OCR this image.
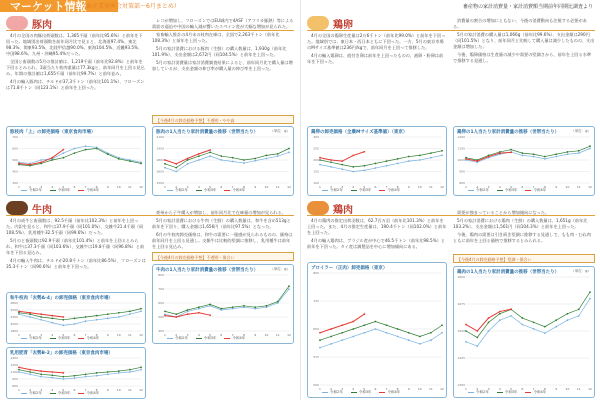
マーケット情報
（畜産業振興会対策部〜6月まとめ）
豚肉

4月の全国の肉豚出荷頭数は、1,365千頭（前年比95.6%）と前年を下回った。地域別出荷頭数を前年同月比で見ると、北海道97.4%、東北98.3%、関東93.5%、北陸甲信越90.0%、東海104.5%、近畿93.5%、中国98.6%、九州・沖縄95.4%だった。

全国と畜頭数の5月の推計値は、1,219千頭（前年比92.8%）と前年を下回るとみられ、1頭当たり枝肉重量は77.3kgと、前年同月を上回る見込み。年間の推計値は1,655千頭（前年比99.7%）と前年並み。

4月の輸入豚肉は、チルドが37,3千トン（前年比101.1%）、フローズンは71.8千トン（同123.1%）と前年を上回った。

レコが増加し、フローズンではEU域内で4ASF（アフリカ豚熱）等による需給の逼迫や中国の輸入減が響いたスペイン産が大幅な増加が見られた。

家畜輸入推計の4月末の枝肉在庫は、全国で2,263千トン（前年比108.3%）と前年を上回った。

5月の家計消費における豚肉（生鮮）の購入数量は、1,930g（前年比101.9%）、支出金額は2,672円（同104.5%）と前年を上回った。

5月の家計消費量は家計消費調査結果によると、前年同月比で購入量は増加しているが、支出金額の伸び率が購入量の伸び率を上回った。

【今後4月の卸売価格予想】不透明・やや高
豚枝肉「上」の卸売価格（東京食肉市場）
300
400
500
600
700
1	2	3	4	5	6	7	8	9	10 11 12
令和2年	令和3年	令和4年
豚肉の1人当たり家計消費量の推移（世帯当たり）	（単位：g）
1500
1650
1800
1950
2100
1	2	3	4	5	6	7	8	9	10 11 12
令和2年	令和3年	令和4年
牛肉

4月の成牛と畜頭数は、92.5千頭（前年比102.3%）と前年を上回った。内訳を見ると、和牛は37.9千頭（同101.0%）、交雑牛21.4千頭（同108.5%）、乳用種牛32.5千頭（同99.6%）だった。

5月のと畜頭数は92.9千頭（前年比101.4%）と前年を上回るとみられ、和牛は37.3千頭（同103.6%）、交雑牛は19.8千頭（同96.8%）と前年を下回る見込み。

4月の輸入牛肉は、チルドが20.8千トン（前年比86.5%）、フローズンは35.3千トン（同90.6%）と前年を下回った。

豪州から子牛購入が増加し、前年同月比で在庫量の増加が見られる。

5月の家計消費における牛肉（生鮮）の購入数量は、和牛を含め513gと前年を下回り、購入金額は1,656円（前年比97.5%）となった。

6月の牛枝肉卸売価格は、和牛の需要に一服感が見られるものの、価格は前年同月を上回る見通し。交雑牛は比較的堅調に推移し、乳用種牛は前年を上回る見込み。

【今後4月の卸売価格予想】不透明・保合い
和牛枝肉「去勢A-4」の卸売価格（東京食肉市場）
1800
2050
2300
2550
2800
1	2	3	4	5	6	7	8	9	10 11 12
令和2年	令和3年	令和4年
牛肉の1人当たり家計消費量の推移（世帯当たり）	（単位：g）
400
500
600
700
800
1	2	3	4	5	6	7	8	9	10 11 12
令和2年	令和3年	令和4年
乳用肥育「去勢B-2」の卸売価格（東京食肉市場）
800
950
1100
1250
1400
1	2	3	4	5	6	7	8	9	10 11 12
令和2年	令和3年	令和4年
畜産物の家計消費量・家計消費額当期前年同期比調査より
鶏卵

4月の全国の鶏卵生産量は2万6千トン（前年比99.0%）と前年を下回った。地域別では、東日本・西日本ともに下回った。一方、5月の東京市場のMサイズ基準値は236円/kgで、前年同月を上回って推移した。

4月の輸入鶏卵は、殻付き卵は前年を上回ったものの、液卵・粉卵は前年を下回った。

消費量の割合の増加にともない、今後の消費動向も注視する必要がある。

5月の家計消費の購入量は1,066g（前年比99.6%）、支出金額は290円（同101.5%）となり、前年同月と比較して購入量は減少したものの、支出金額は増加した。

今後、鶏卵価格は生産量の減少や需要の堅調さから、前年を上回る水準で推移する見通し。

鶏卵の卸売価格（全農Mサイズ基準値）（東京）
100
150
200
250
300
1	2	3	4	5	6	7	8	9	10 11 12
令和2年	令和3年	令和4年
鶏卵の1人当たり家計消費量の推移（世帯当たり）	（単位：g）
800
900
1000
1100
1200
1	2	3	4	5	6	7	8	9	10 11 12
令和2年	令和3年	令和4年
鶏肉

4月の鶏肉の推定出荷羽数は、62.7百万羽（前年比101.3%）と前年を上回った。また、4月の推定生産量は、190.4千トン（同102.0%）と前年を上回った。

4月の輸入鶏肉は、ブラジル産が中心で46.5千トン（前年比98.5%）と前年を下回った。タイ産は調製品を中心に増加傾向にある。

需要が強まっていることから増加傾向になった。

5月の家計消費における鶏肉（生鮮）の購入数量は、1,651g（前年比103.2%）、支出金額は1,561円（同104.3%）と前年を上回った。

今後、鶏肉の需要は引き続き堅調に推移する見通しで、もも肉・むね肉ともに前年を上回る価格で推移するとみられる。

【今後4月の卸売価格予想】堅調・保合い
ブロイラー（正肉）卸売価格（東京）
500
575
650
725
800
1	2	3	4	5	6	7	8	9	10 11 12
令和2年	令和3年	令和4年
鶏肉の1人当たり家計消費量の推移（世帯当たり）	（単位：g）
1300
1425
1550
1675
1800
1	2	3	4	5	6	7	8	9	10 11 12
令和2年	令和3年	令和4年
